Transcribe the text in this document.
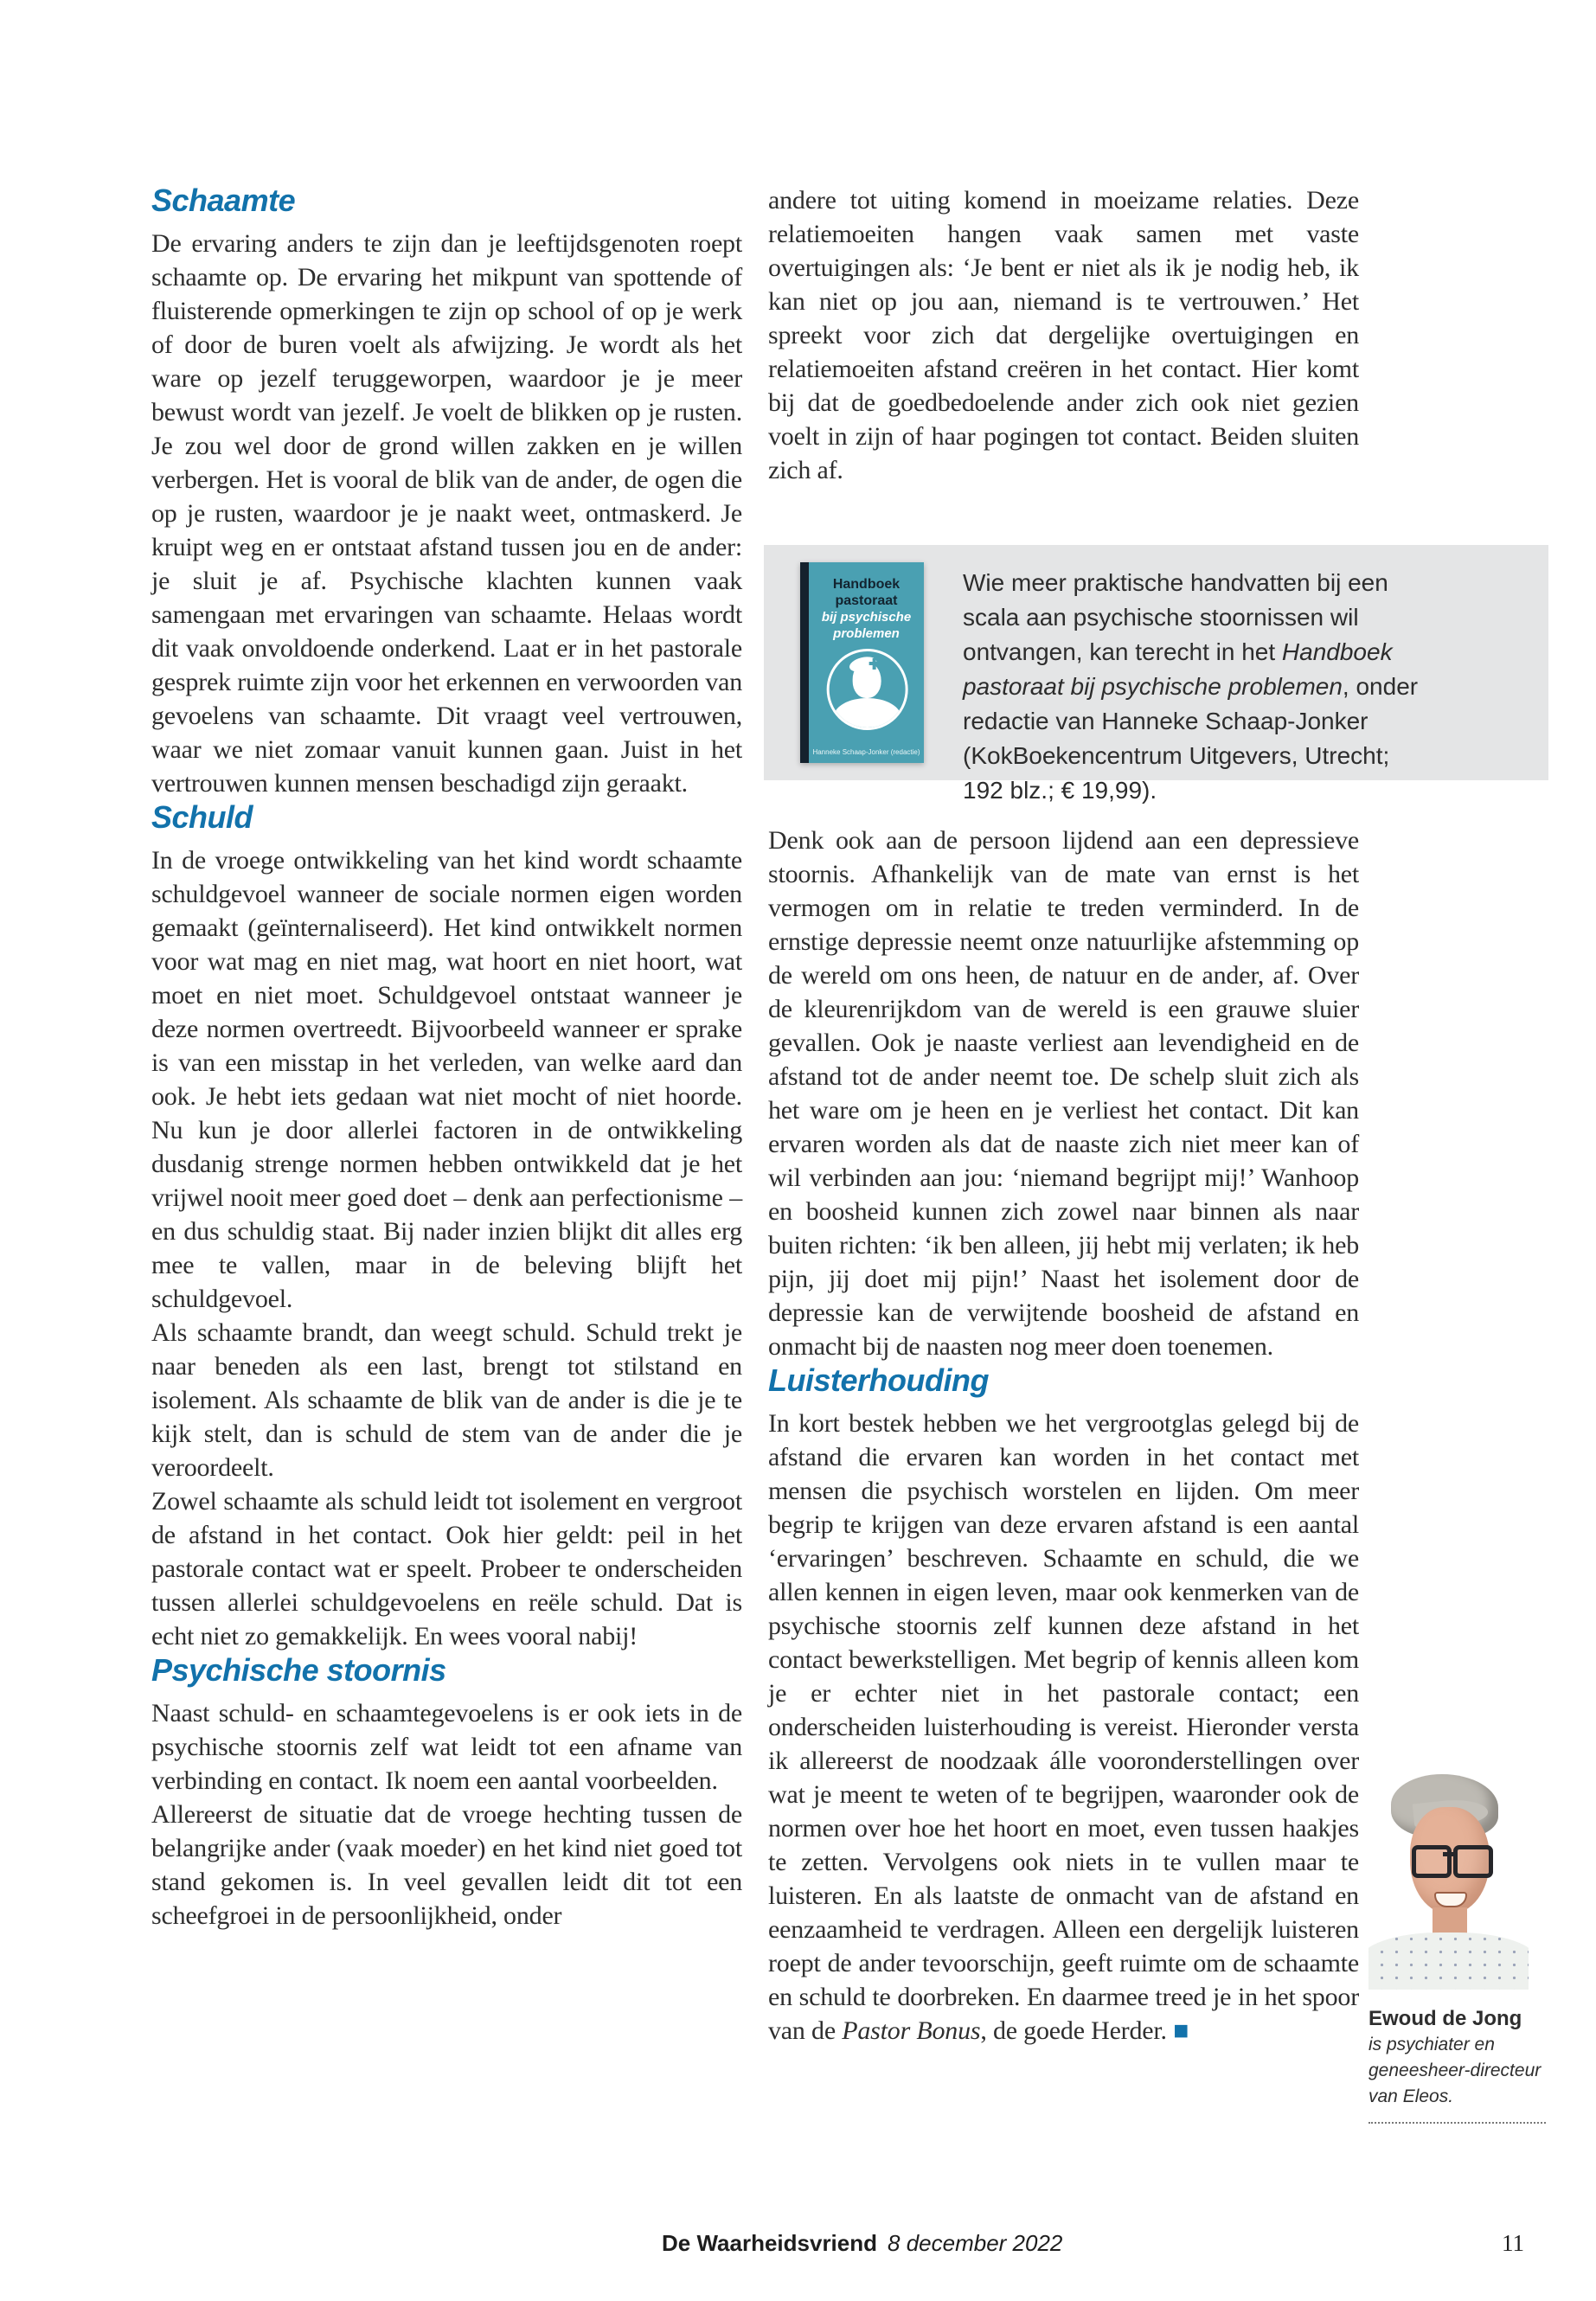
Schaamte

De ervaring anders te zijn dan je leeftijdsgenoten roept schaamte op. De ervaring het mikpunt van spottende of fluisterende opmerkingen te zijn op school of op je werk of door de buren voelt als afwijzing. Je wordt als het ware op jezelf teruggeworpen, waardoor je je meer bewust wordt van jezelf. Je voelt de blikken op je rusten. Je zou wel door de grond willen zakken en je willen verbergen. Het is vooral de blik van de ander, de ogen die op je rusten, waardoor je je naakt weet, ontmaskerd. Je kruipt weg en er ontstaat afstand tussen jou en de ander: je sluit je af. Psychische klachten kunnen vaak samengaan met ervaringen van schaamte. Helaas wordt dit vaak onvoldoende onderkend. Laat er in het pastorale gesprek ruimte zijn voor het erkennen en verwoorden van gevoelens van schaamte. Dit vraagt veel vertrouwen, waar we niet zomaar vanuit kunnen gaan. Juist in het vertrouwen kunnen mensen beschadigd zijn geraakt.

Schuld

In de vroege ontwikkeling van het kind wordt schaamte schuldgevoel wanneer de sociale normen eigen worden gemaakt (geïnternaliseerd). Het kind ontwikkelt normen voor wat mag en niet mag, wat hoort en niet hoort, wat moet en niet moet. Schuldgevoel ontstaat wanneer je deze normen overtreedt. Bijvoorbeeld wanneer er sprake is van een misstap in het verleden, van welke aard dan ook. Je hebt iets gedaan wat niet mocht of niet hoorde. Nu kun je door allerlei factoren in de ontwikkeling dusdanig strenge normen hebben ontwikkeld dat je het vrijwel nooit meer goed doet – denk aan perfectionisme – en dus schuldig staat. Bij nader inzien blijkt dit alles erg mee te vallen, maar in de beleving blijft het schuldgevoel.

Als schaamte brandt, dan weegt schuld. Schuld trekt je naar beneden als een last, brengt tot stilstand en isolement. Als schaamte de blik van de ander is die je te kijk stelt, dan is schuld de stem van de ander die je veroordeelt.

Zowel schaamte als schuld leidt tot isolement en vergroot de afstand in het contact. Ook hier geldt: peil in het pastorale contact wat er speelt. Probeer te onderscheiden tussen allerlei schuldgevoelens en reële schuld. Dat is echt niet zo gemakkelijk. En wees vooral nabij!

Psychische stoornis

Naast schuld- en schaamtegevoelens is er ook iets in de psychische stoornis zelf wat leidt tot een afname van verbinding en contact. Ik noem een aantal voorbeelden.

Allereerst de situatie dat de vroege hechting tussen de belangrijke ander (vaak moeder) en het kind niet goed tot stand gekomen is. In veel gevallen leidt dit tot een scheefgroei in de persoonlijkheid, onder

andere tot uiting komend in moeizame relaties. Deze relatiemoeiten hangen vaak samen met vaste overtuigingen als: ‘Je bent er niet als ik je nodig heb, ik kan niet op jou aan, niemand is te vertrouwen.’ Het spreekt voor zich dat dergelijke overtuigingen en relatiemoeiten afstand creëren in het contact. Hier komt bij dat de goedbedoelende ander zich ook niet gezien voelt in zijn of haar pogingen tot contact. Beiden sluiten zich af.

Handboek
pastoraat
bij psychische
problemen
Hanneke Schaap-Jonker (redactie)
Wie meer praktische handvatten bij een scala aan psychische stoornissen wil ontvangen, kan terecht in het Handboek pastoraat bij psychische problemen, onder redactie van Hanneke Schaap-Jonker (KokBoekencentrum Uitgevers, Utrecht; 192 blz.; € 19,99).

Denk ook aan de persoon lijdend aan een depressieve stoornis. Afhankelijk van de mate van ernst is het vermogen om in relatie te treden verminderd. In de ernstige depressie neemt onze natuurlijke afstemming op de wereld om ons heen, de natuur en de ander, af. Over de kleurenrijkdom van de wereld is een grauwe sluier gevallen. Ook je naaste verliest aan levendigheid en de afstand tot de ander neemt toe. De schelp sluit zich als het ware om je heen en je verliest het contact. Dit kan ervaren worden als dat de naaste zich niet meer kan of wil verbinden aan jou: ‘niemand begrijpt mij!’ Wanhoop en boosheid kunnen zich zowel naar binnen als naar buiten richten: ‘ik ben alleen, jij hebt mij verlaten; ik heb pijn, jij doet mij pijn!’ Naast het isolement door de depressie kan de verwijtende boosheid de afstand en onmacht bij de naasten nog meer doen toenemen.

Luisterhouding

In kort bestek hebben we het vergrootglas gelegd bij de afstand die ervaren kan worden in het contact met mensen die psychisch worstelen en lijden. Om meer begrip te krijgen van deze ervaren afstand is een aantal ‘ervaringen’ beschreven. Schaamte en schuld, die we allen kennen in eigen leven, maar ook kenmerken van de psychische stoornis zelf kunnen deze afstand in het contact bewerkstelligen. Met begrip of kennis alleen kom je er echter niet in het pastorale contact; een onderscheiden luisterhouding is vereist. Hieronder versta ik allereerst de noodzaak álle vooronderstellingen over wat je meent te weten of te begrijpen, waaronder ook de normen over hoe het hoort en moet, even tussen haakjes te zetten. Vervolgens ook niets in te vullen maar te luisteren. En als laatste de onmacht van de afstand en eenzaamheid te verdragen. Alleen een dergelijk luisteren roept de ander tevoorschijn, geeft ruimte om de schaamte en schuld te doorbreken. En daarmee treed je in het spoor van de Pastor Bonus, de goede Herder. ■	Ewoud de Jong
is psychiater en geneesheer-directeur van Eleos.
De Waarheidsvriend 8 december 2022	11
